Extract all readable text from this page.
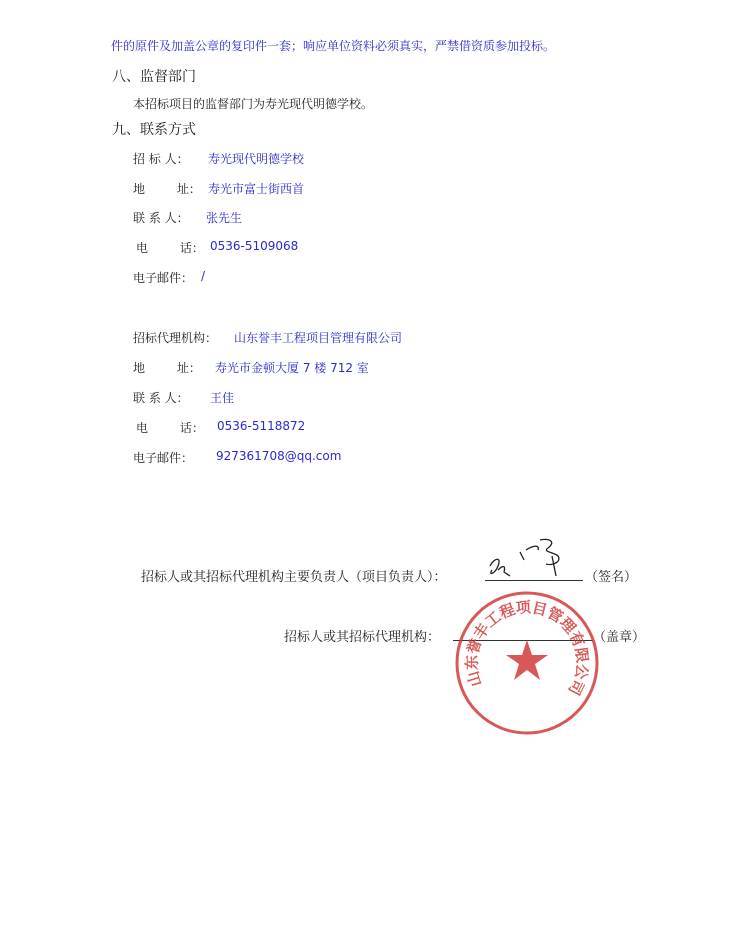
件的原件及加盖公章的复印件一套；响应单位资料必须真实，严禁借资质参加投标。
八、监督部门
本招标项目的监督部门为寿光现代明德学校。
九、联系方式
招 标 人： 寿光现代明德学校
地 址： 寿光市富士街西首
联 系 人： 张先生
电 话： 0536-5109068
电子邮件： /
招标代理机构： 山东誉丰工程项目管理有限公司
地 址： 寿光市金顿大厦 7 楼 712 室
联 系 人： 王佳
电 话： 0536-5118872
电子邮件： 927361708@qq.com
招标人或其招标代理机构主要负责人（项目负责人）：	（签名）
招标人或其招标代理机构：	（盖章）
山东誉丰工程项目管理有限公司
